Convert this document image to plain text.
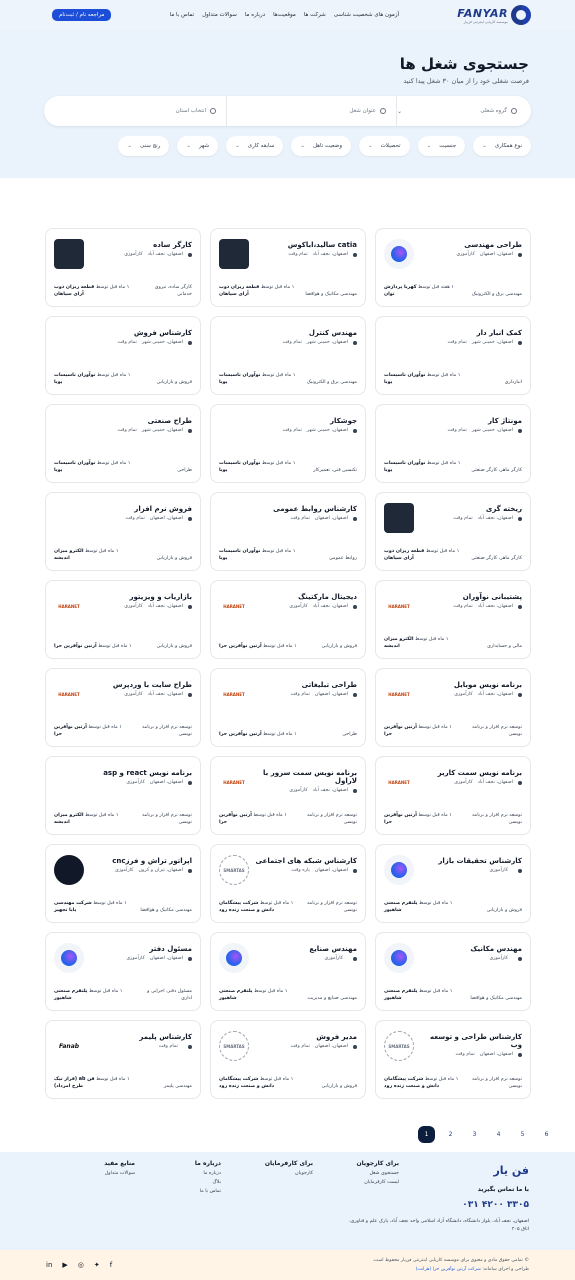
FANYAR
موسسه کاریابی اینترنتی فن‌یار
آزمون های شخصیت شناسی
شرکت ها
موقعیت‌ها
درباره ما
سوالات متداول
تماس با ما
مراجعه نام / ثبت‌نام
جستجوی شغل ها
فرصت شغلی خود را از میان ۳۰ شغل پیدا کنید
گروه شغلی
⌄
عنوان شغل
انتخاب استان
نوع همکاری
⌄
جنسیت
⌄
تحصیلات
⌄
وضعیت تاهل
⌄
سابقه کاری
⌄
شهر
⌄
رنج سنی
⌄
طراحی مهندسی
اصفهان، اصفهان
کارآموزی
مهندسی برق و الکترونیک
۱ هفته قبل توسط کهربا پردازش توان
catia سالید،اباکوس
اصفهان، نجف آباد
تمام وقت
مهندسی مکانیک و هوافضا
۱ ماه قبل توسط قطعه ریزان ذوب آرای سپاهان
کارگر ساده
اصفهان، نجف آباد
کارآموزی
کارگر ساده، نیروی خدماتی
۱ ماه قبل توسط قطعه ریزان ذوب آرای سپاهان
کمک انبار دار
اصفهان، خمینی شهر
تمام وقت
انبارداری
۱ ماه قبل توسط نوآوران تاسیسات پویا
مهندس کنترل
اصفهان، خمینی شهر
تمام وقت
مهندسی برق و الکترونیک
۱ ماه قبل توسط نوآوران تاسیسات پویا
کارشناس فروش
اصفهان، خمینی شهر
تمام وقت
فروش و بازاریابی
۱ ماه قبل توسط نوآوران تاسیسات پویا
مونتاژ کار
اصفهان، خمینی شهر
تمام وقت
کارگر ماهر، کارگر صنعتی
۱ ماه قبل توسط نوآوران تاسیسات پویا
جوشکار
اصفهان، خمینی شهر
تمام وقت
تکنسین فنی، تعمیرکار
۱ ماه قبل توسط نوآوران تاسیسات پویا
طراح صنعتی
اصفهان، خمینی شهر
تمام وقت
طراحی
۱ ماه قبل توسط نوآوران تاسیسات پویا
ریخته گری
اصفهان، نجف آباد
تمام وقت
کارگر ماهر، کارگر صنعتی
۱ ماه قبل توسط قطعه ریزان ذوب آرای سپاهان
کارشناس روابط عمومی
اصفهان، اصفهان
تمام وقت
روابط عمومی
۱ ماه قبل توسط نوآوران تاسیسات پویا
فروش نرم افزار
اصفهان، اصفهان
تمام وقت
فروش و بازاریابی
۱ ماه قبل توسط الکترو میزان اندیشه
پشتیبانی نوآوران
اصفهان، نجف آباد
تمام وقت
HARANET
مالی و حسابداری
۱ ماه قبل توسط الکترو میزان اندیشه
دیجیتال مارکتینگ
اصفهان، نجف آباد
کارآموزی
HARANET
فروش و بازاریابی
۱ ماه قبل توسط آرتین نوآفرین حرا
بازاریاب و ویزیتور
اصفهان، نجف آباد
کارآموزی
HARANET
فروش و بازاریابی
۱ ماه قبل توسط آرتین نوآفرین حرا
برنامه نویس موبایل
اصفهان، نجف آباد
کارآموزی
HARANET
توسعه نرم افزار و برنامه نویسی
۱ ماه قبل توسط آرتین نوآفرین حرا
طراحی تبلیغاتی
اصفهان، اصفهان
تمام وقت
HARANET
طراحی
۱ ماه قبل توسط آرتین نوآفرین حرا
طراح سایت با وردپرس
اصفهان، نجف آباد
کارآموزی
HARANET
توسعه نرم افزار و برنامه نویسی
۱ ماه قبل توسط آرتین نوآفرین حرا
برنامه نویس سمت کاربر
اصفهان، نجف آباد
کارآموزی
HARANET
توسعه نرم افزار و برنامه نویسی
۱ ماه قبل توسط آرتین نوآفرین حرا
برنامه نویس سمت سرور با لاراول
اصفهان، نجف آباد
کارآموزی
HARANET
توسعه نرم افزار و برنامه نویسی
۱ ماه قبل توسط آرتین نوآفرین حرا
برنامه نویس react و asp
اصفهان، اصفهان
کارآموزی
توسعه نرم افزار و برنامه نویسی
۱ ماه قبل توسط الکترو میزان اندیشه
کارشناس تحقیقات بازار
کارآموزی
فروش و بازاریابی
۱ ماه قبل توسط پلتفرم صنعتی شاهپور
کارشناس شبکه های اجتماعی
اصفهان، اصفهان
پاره وقت
SMARTAS
توسعه نرم افزار و برنامه نویسی
۱ ماه قبل توسط شرکت پیشگامان دانش و صنعت زنده رود
اپراتور تراش و فرزcnc
اصفهان، تیران و کرون
کارآموزی
مهندسی مکانیک و هوافضا
۱ ماه قبل توسط شرکت مهندسی پایا تجهیز
مهندس مکانیک
کارآموزی
مهندسی مکانیک و هوافضا
۱ ماه قبل توسط پلتفرم صنعتی شاهپور
مهندس صنایع
کارآموزی
مهندسی صنایع و مدیریت
۱ ماه قبل توسط پلتفرم صنعتی شاهپور
مسئول دفتر
اصفهان، اصفهان
کارآموزی
مسئول دفتر، اجرایی و اداری
۱ ماه قبل توسط پلتفرم صنعتی شاهپور
کارشناس طراحی و توسعه وب
اصفهان، اصفهان
تمام وقت
SMARTAS
توسعه نرم افزار و برنامه نویسی
۱ ماه قبل توسط شرکت پیشگامان دانش و صنعت زنده رود
مدیر فروش
اصفهان، اصفهان
تمام وقت
SMARTAS
فروش و بازاریابی
۱ ماه قبل توسط شرکت پیشگامان دانش و صنعت زنده رود
کارشناس پلیمر
تمام وقت
Fanab
مهندسی پلیمر
۱ ماه قبل توسط فن ab (فراز نیک طرح امرداد)
1	2	3	4	5	6
فن یار
با ما تماس بگیرید
۰۳۱ ۴۲۰۰ ۳۳۰۵
اصفهان، نجف آباد، بلوار دانشگاه، دانشگاه آزاد اسلامی واحد نجف آباد، پارک علم و فناوری، اتاق ۲۰۵
برای کارجویان
جستجوی شغل
لیست کارفرمایان
برای کارفرمایان
کارجویان
درباره ما
درباره ما
بلاگ
تماس با ما
منابع مفید
سوالات متداول
© تمامی حقوق مادی و معنوی برای موسسه کاریابی اینترنتی فن‌یار محفوظ است.
طراحی و اجرای سامانه: شرکت آرتین نوآفرین حرا (هرانت)
in ▶ ◎ ✦ f
